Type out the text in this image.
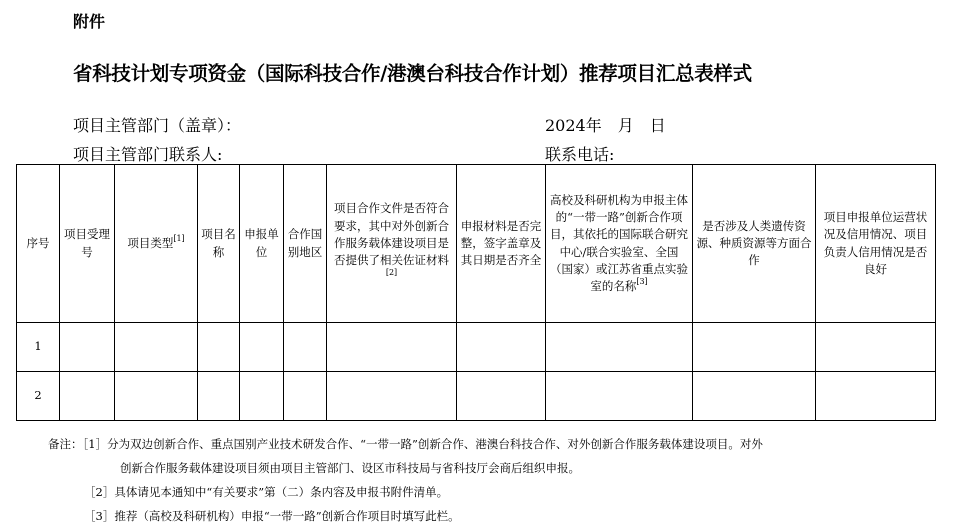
附件
省科技计划专项资金（国际科技合作/港澳台科技合作计划）推荐项目汇总表样式
项目主管部门（盖章）：	2024年　月　日
项目主管部门联系人:	联系电话:
序号	项目受理号	项目类型[1]	项目名称	申报单位	合作国别地区	项目合作文件是否符合要求，其中对外创新合作服务载体建设项目是否提供了相关佐证材料[2]	申报材料是否完整，签字盖章及其日期是否齐全	高校及科研机构为申报主体的“一带一路”创新合作项目，其依托的国际联合研究中心/联合实验室、全国（国家）或江苏省重点实验室的名称[3]	是否涉及人类遗传资源、种质资源等方面合作	项目申报单位运营状况及信用情况、项目负责人信用情况是否良好
1										
2										
备注：［1］分为双边创新合作、重点国别产业技术研发合作、“一带一路”创新合作、港澳台科技合作、对外创新合作服务载体建设项目。对外
创新合作服务载体建设项目须由项目主管部门、设区市科技局与省科技厅会商后组织申报。
［2］具体请见本通知中“有关要求”第（二）条内容及申报书附件清单。
［3］推荐（高校及科研机构）申报“一带一路”创新合作项目时填写此栏。
